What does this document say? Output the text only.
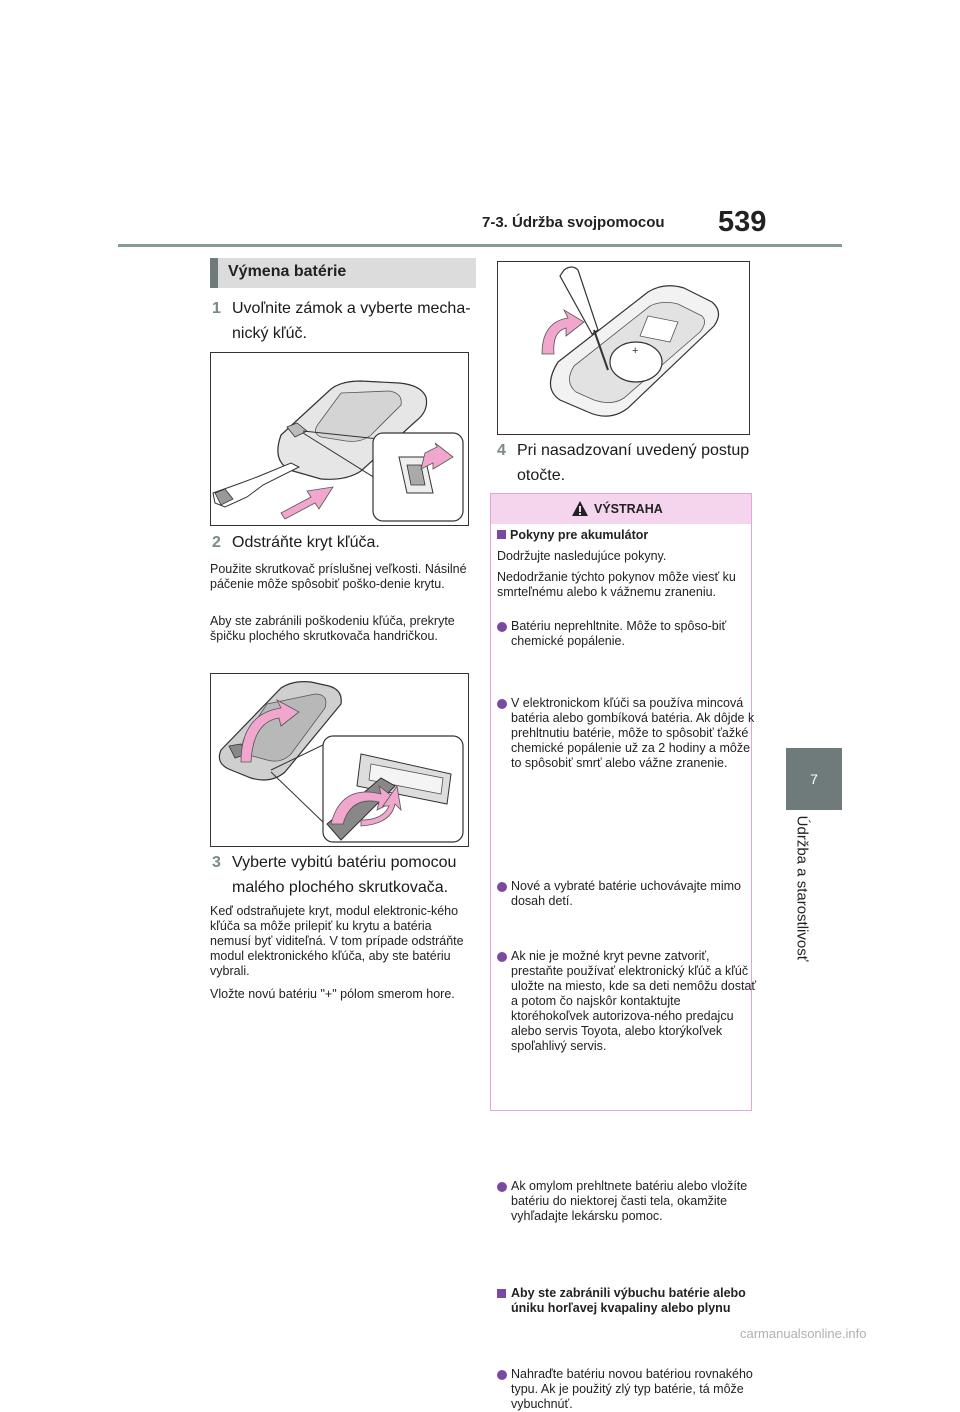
7-3. Údržba svojpomocou 539
7
Údržba a starostlivosť
Výmena batérie
1 Uvoľnite zámok a vyberte mecha-
nický kľúč.
2 Odstráňte kryt kľúča.
Použite skrutkovač príslušnej veľkosti. Násilné páčenie môže spôsobiť poško-denie krytu.
Aby ste zabránili poškodeniu kľúča, prekryte špičku plochého skrutkovača handričkou.
3 Vyberte vybitú batériu pomocou
malého plochého skrutkovača.
Keď odstraňujete kryt, modul elektronic-kého kľúča sa môže prilepiť ku krytu a batéria nemusí byť viditeľná. V tom prípade odstráňte modul elektronického kľúča, aby ste batériu vybrali.
Vložte novú batériu "+" pólom smerom hore.
+
4 Pri nasadzovaní uvedený postup
otočte.
VÝSTRAHA
Pokyny pre akumulátor
Dodržujte nasledujúce pokyny.
Nedodržanie týchto pokynov môže viesť ku smrteľnému alebo k vážnemu zraneniu.
Batériu neprehltnite. Môže to spôso-biť chemické popálenie.
V elektronickom kľúči sa používa mincová batéria alebo gombíková batéria. Ak dôjde k prehltnutiu batérie, môže to spôsobiť ťažké chemické popálenie už za 2 hodiny a môže to spôsobiť smrť alebo vážne zranenie.
Nové a vybraté batérie uchovávajte mimo dosah detí.
Ak nie je možné kryt pevne zatvoriť, prestaňte používať elektronický kľúč a kľúč uložte na miesto, kde sa deti nemôžu dostať a potom čo najskôr kontaktujte ktoréhokoľvek autorizova-ného predajcu alebo servis Toyota, alebo ktorýkoľvek spoľahlivý servis.
Ak omylom prehltnete batériu alebo vložíte batériu do niektorej časti tela, okamžite vyhľadajte lekársku pomoc.
Aby ste zabránili výbuchu batérie alebo úniku horľavej kvapaliny alebo plynu
Nahraďte batériu novou batériou rovnakého typu. Ak je použitý zlý typ batérie, tá môže vybuchnúť.
carmanualsonline.info
